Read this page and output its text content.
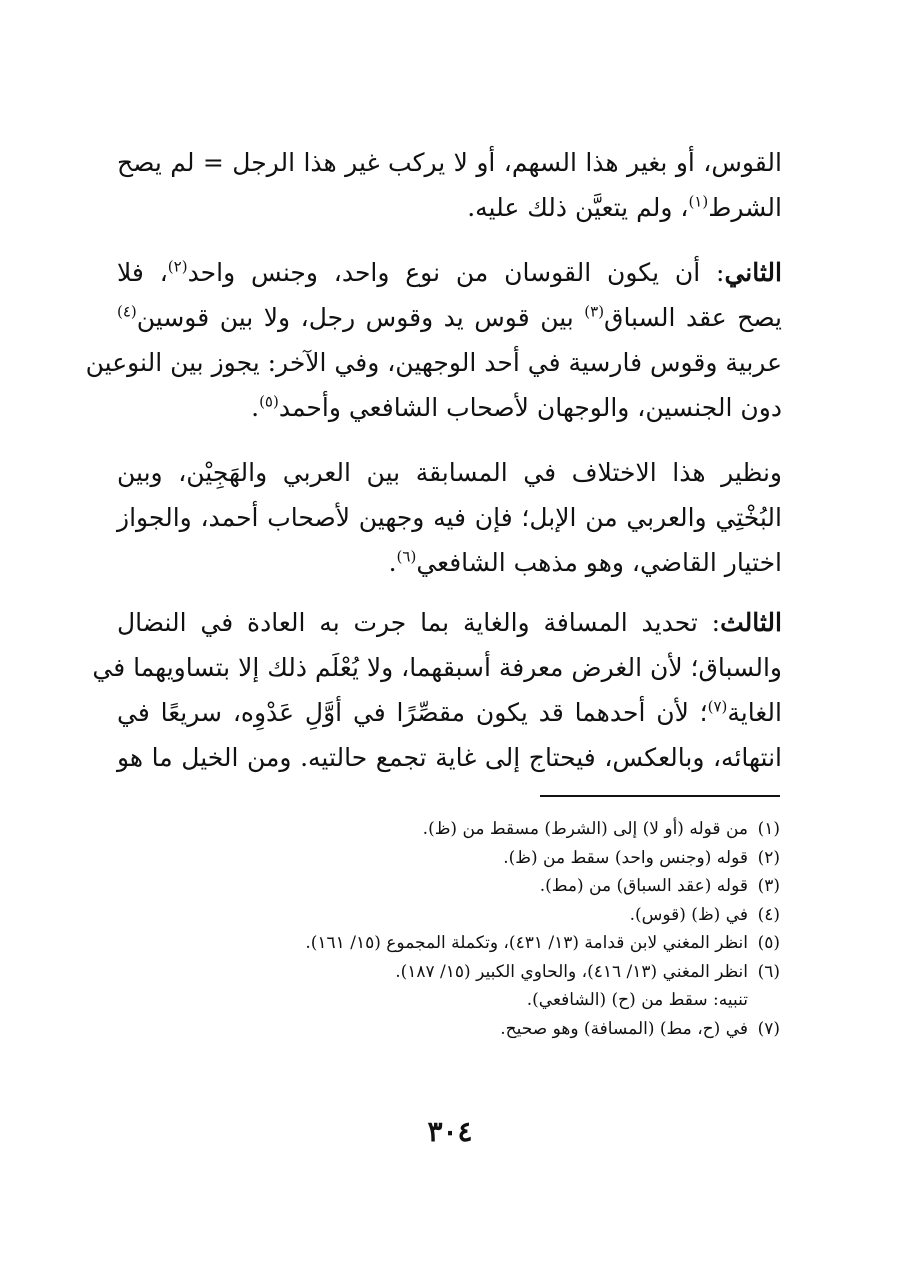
القوس، أو بغير هذا السهم، أو لا يركب غير هذا الرجل = لم يصح
الشرط$^{(١)}$، ولم يتعيَّن ذلك عليه.
الثاني: أن يكون القوسان من نوع واحد، وجنس واحد$^{(٢)}$، فلا
يصح عقد السباق$^{(٣)}$ بين قوس يد وقوس رجل، ولا بين قوسين$^{(٤)}$
عربية وقوس فارسية في أحد الوجهين، وفي الآخر: يجوز بين النوعين
دون الجنسين، والوجهان لأصحاب الشافعي وأحمد$^{(٥)}$.
ونظير هذا الاختلاف في المسابقة بين العربي والهَجِيْن، وبين
البُخْتِي والعربي من الإبل؛ فإن فيه وجهين لأصحاب أحمد، والجواز
اختيار القاضي، وهو مذهب الشافعي$^{(٦)}$.
الثالث: تحديد المسافة والغاية بما جرت به العادة في النضال
والسباق؛ لأن الغرض معرفة أسبقهما، ولا يُعْلَم ذلك إلا بتساويهما في
الغاية$^{(٧)}$؛ لأن أحدهما قد يكون مقصِّرًا في أوَّلِ عَدْوِه، سريعًا في
انتهائه، وبالعكس، فيحتاج إلى غاية تجمع حالتيه. ومن الخيل ما هو
(١)
من قوله (أو لا) إلى (الشرط) مسقط من (ظ).
(٢)
قوله (وجنس واحد) سقط من (ظ).
(٣)
قوله (عقد السباق) من (مط).
(٤)
في (ظ) (قوس).
(٥)
انظر المغني لابن قدامة (١٣/ ٤٣١)، وتكملة المجموع (١٥/ ١٦١).
(٦)
انظر المغني (١٣/ ٤١٦)، والحاوي الكبير (١٥/ ١٨٧).
تنبيه: سقط من (ح) (الشافعي).
(٧)
في (ح، مط) (المسافة) وهو صحيح.
٣٠٤
